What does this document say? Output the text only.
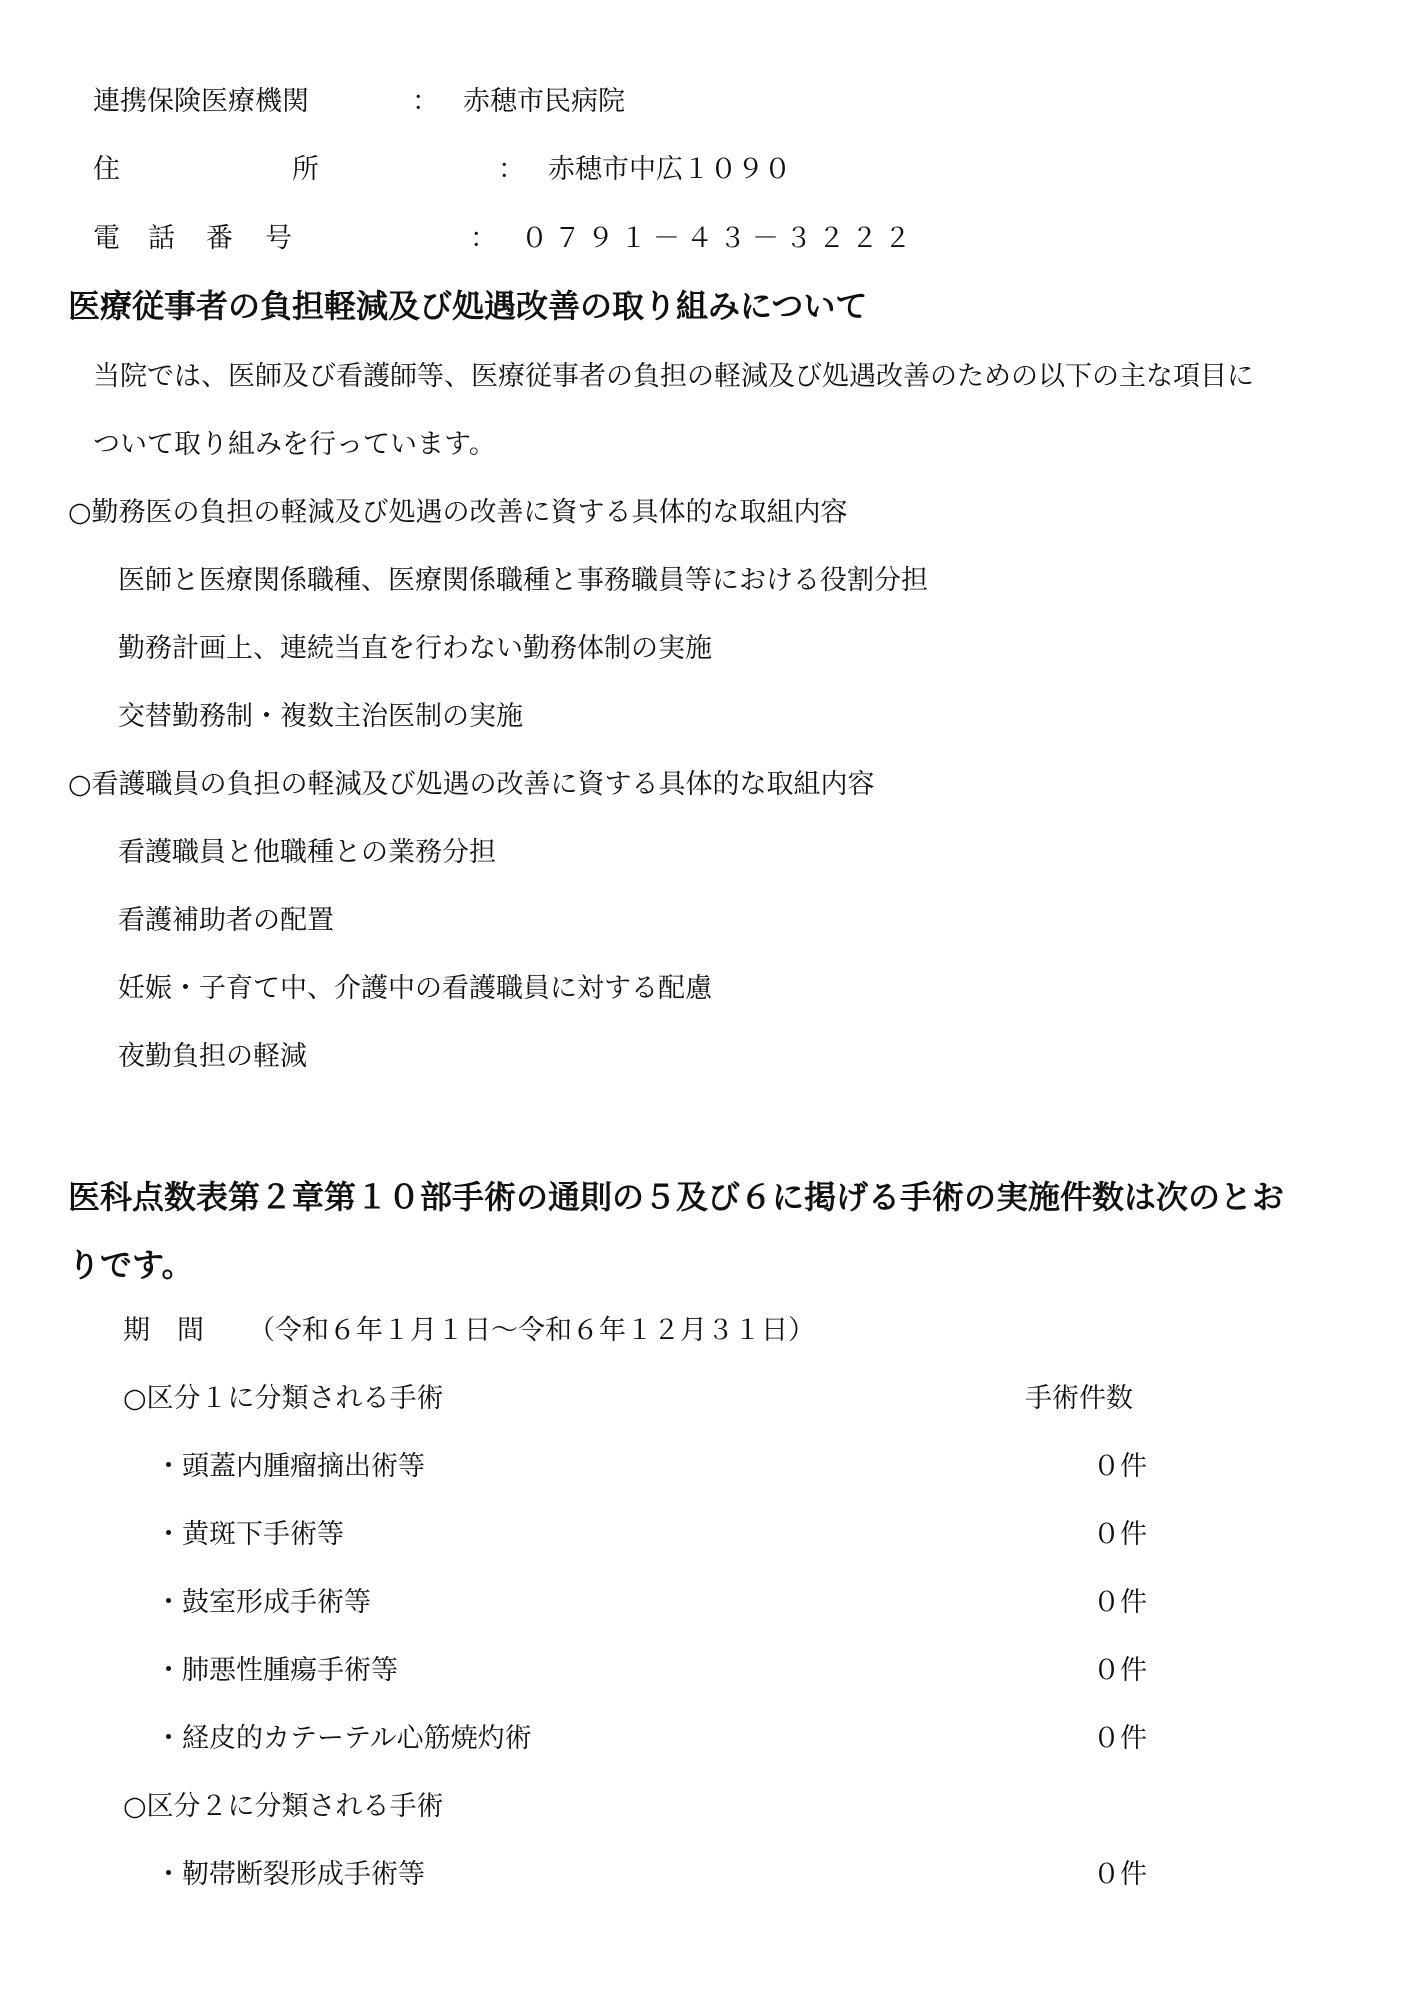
連携保険医療機関	： 赤穂市民病院
住	所	： 赤穂市中広１０９０
電 話 番 号	： ０７９１－４３－３２２２
医療従事者の負担軽減及び処遇改善の取り組みについて
当院では、医師及び看護師等、医療従事者の負担の軽減及び処遇改善のための以下の主な項目に
ついて取り組みを行っています。
○勤務医の負担の軽減及び処遇の改善に資する具体的な取組内容
医師と医療関係職種、医療関係職種と事務職員等における役割分担
勤務計画上、連続当直を行わない勤務体制の実施
交替勤務制・複数主治医制の実施
○看護職員の負担の軽減及び処遇の改善に資する具体的な取組内容
看護職員と他職種との業務分担
看護補助者の配置
妊娠・子育て中、介護中の看護職員に対する配慮
夜勤負担の軽減
医科点数表第２章第１０部手術の通則の５及び６に掲げる手術の実施件数は次のとお
りです。
期　間 （令和６年１月１日～令和６年１２月３１日）
○区分１に分類される手術	手術件数
・頭蓋内腫瘤摘出術等	０件
・黄斑下手術等	０件
・鼓室形成手術等	０件
・肺悪性腫瘍手術等	０件
・経皮的カテーテル心筋焼灼術	０件
○区分２に分類される手術
・靭帯断裂形成手術等	０件
